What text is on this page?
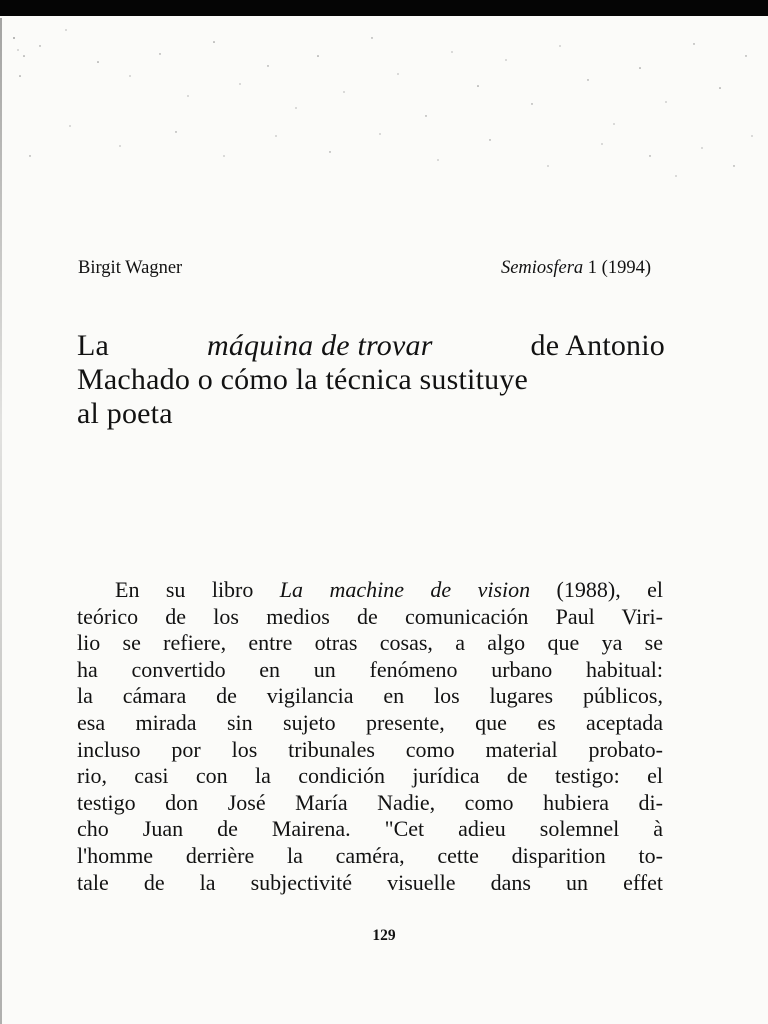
Birgit Wagner	Semiosfera 1 (1994)
La	máquina de trovar	de Antonio
Machado o cómo la técnica sustituye
al poeta
En su libro La machine de vision (1988), el
teórico de los medios de comunicación Paul Viri-
lio se refiere, entre otras cosas, a algo que ya se
ha convertido en un fenómeno urbano habitual:
la cámara de vigilancia en los lugares públicos,
esa mirada sin sujeto presente, que es aceptada
incluso por los tribunales como material probato-
rio, casi con la condición jurídica de testigo: el
testigo don José María Nadie, como hubiera di-
cho Juan de Mairena. "Cet adieu solemnel à
l'homme derrière la caméra, cette disparition to-
tale de la subjectivité visuelle dans un effet
129
